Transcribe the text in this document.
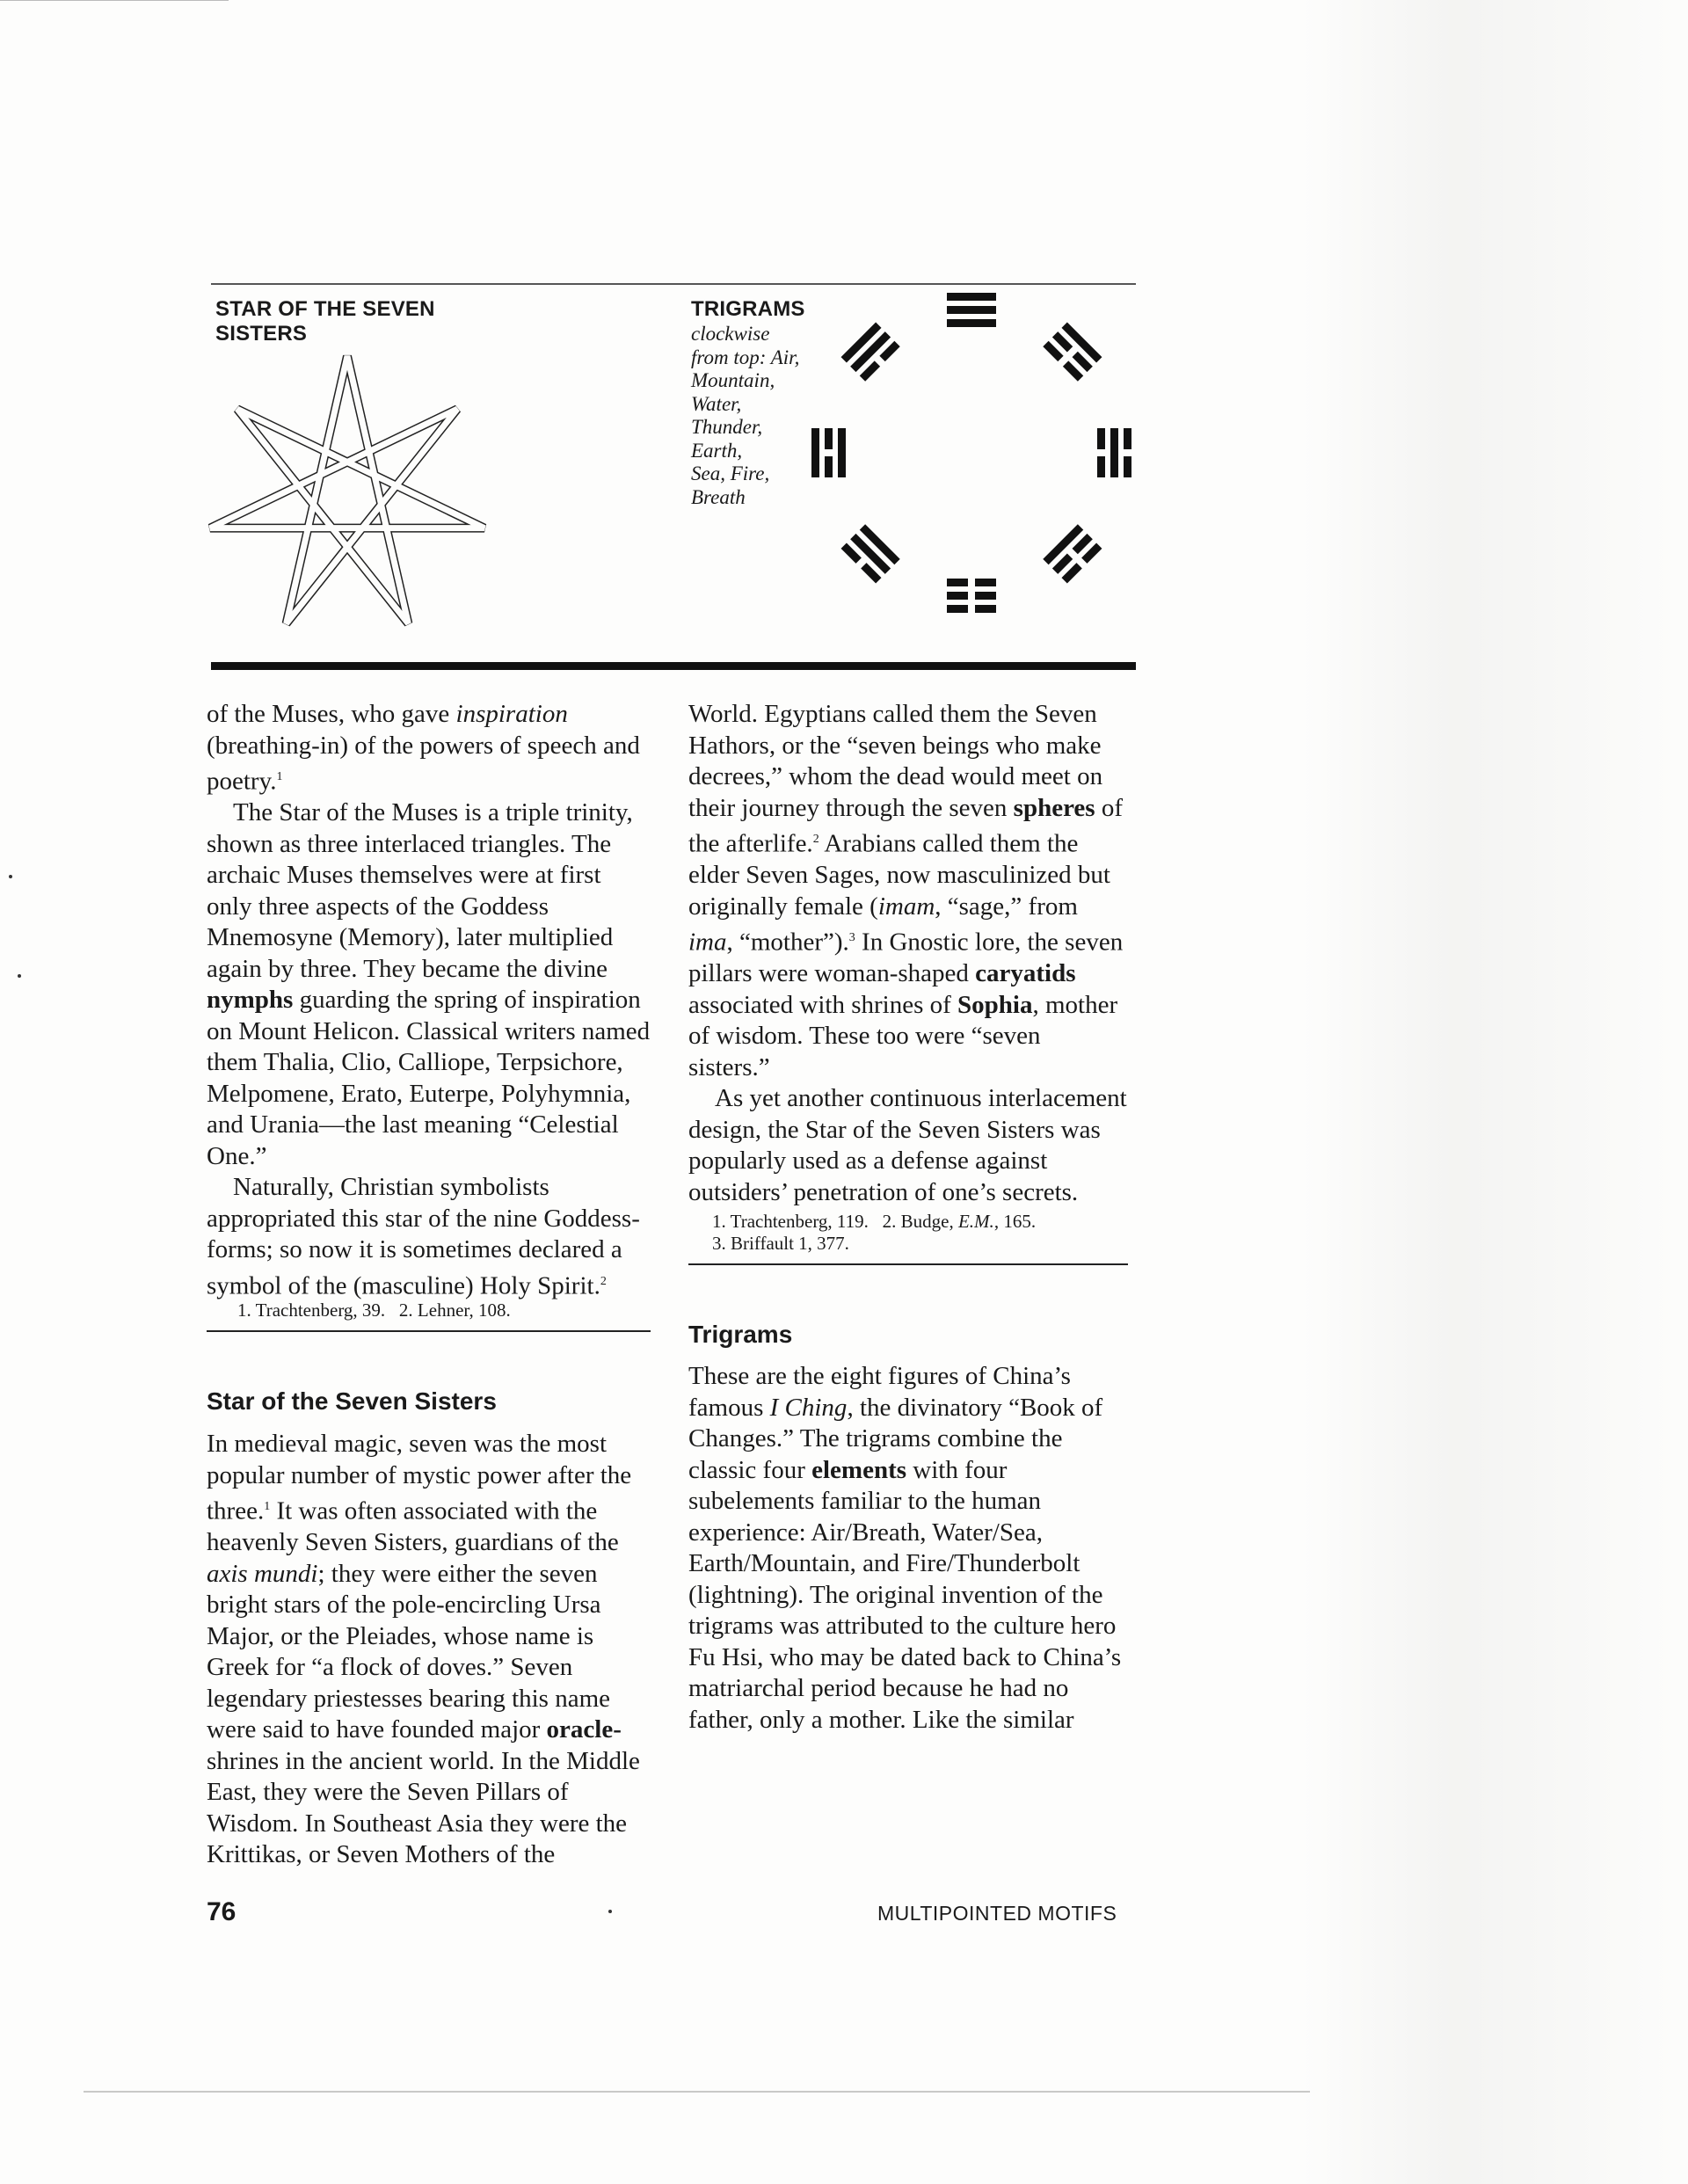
STAR OF THE SEVEN SISTERS
TRIGRAMS
clockwise
from top: Air,
Mountain,
Water,
Thunder,
Earth,
Sea, Fire,
Breath

of the Muses, who gave inspiration (breathing-in) of the powers of speech and poetry.$^1$

The Star of the Muses is a triple trinity, shown as three interlaced triangles. The archaic Muses themselves were at first only three aspects of the Goddess Mnemosyne (Memory), later multiplied again by three. They became the divine nymphs guarding the spring of inspiration on Mount Helicon. Classical writers named them Thalia, Clio, Calliope, Terpsichore, Melpomene, Erato, Euterpe, Polyhymnia, and Urania—the last meaning “Celestial One.”

Naturally, Christian symbolists appropriated this star of the nine Goddess-forms; so now it is sometimes declared a symbol of the (masculine) Holy Spirit.$^2$

1. Trachtenberg, 39.   2. Lehner, 108.
Star of the Seven Sisters

In medieval magic, seven was the most popular number of mystic power after the three.$^1$ It was often associated with the heavenly Seven Sisters, guardians of the axis mundi; they were either the seven bright stars of the pole-encircling Ursa Major, or the Pleiades, whose name is Greek for “a flock of doves.” Seven legendary priestesses bearing this name were said to have founded major oracle- shrines in the ancient world. In the Middle East, they were the Seven Pillars of Wisdom. In Southeast Asia they were the Krittikas, or Seven Mothers of the

World. Egyptians called them the Seven Hathors, or the “seven beings who make decrees,” whom the dead would meet on their journey through the seven spheres of the afterlife.$^2$ Arabians called them the elder Seven Sages, now masculinized but originally female (imam, “sage,” from ima, “mother”).$^3$ In Gnostic lore, the seven pillars were woman-shaped caryatids associated with shrines of Sophia, mother of wisdom. These too were “seven sisters.”

As yet another continuous interlacement design, the Star of the Seven Sisters was popularly used as a defense against outsiders’ penetration of one’s secrets.

1. Trachtenberg, 119.   2. Budge, E.M., 165.
3. Briffault 1, 377.
Trigrams

These are the eight figures of China’s famous I Ching, the divinatory “Book of Changes.” The trigrams combine the classic four elements with four subelements familiar to the human experience: Air/Breath, Water/Sea, Earth/Mountain, and Fire/Thunderbolt (lightning). The original invention of the trigrams was attributed to the culture hero Fu Hsi, who may be dated back to China’s matriarchal period because he had no father, only a mother. Like the similar

76	MULTIPOINTED MOTIFS
